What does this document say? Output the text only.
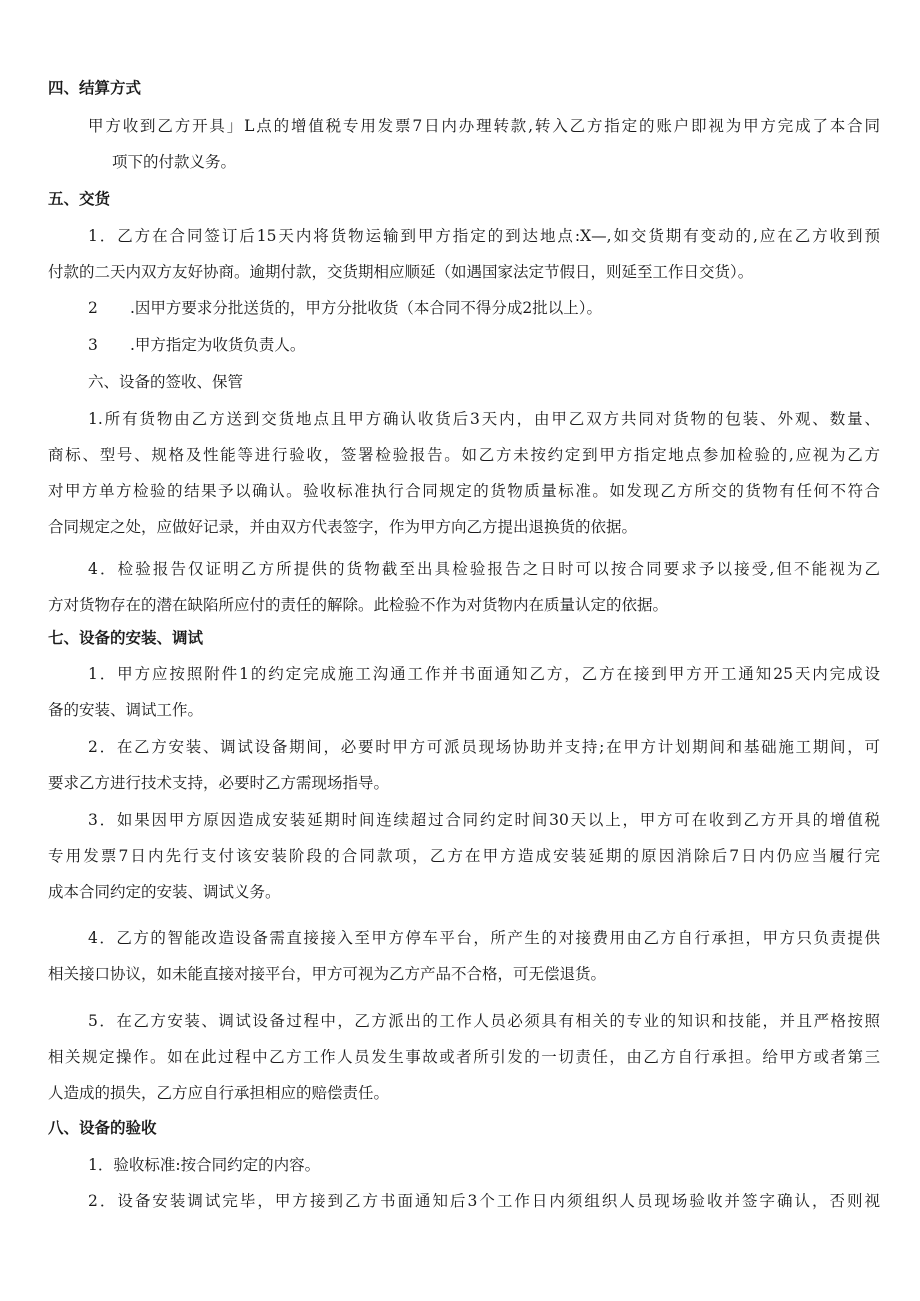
四、结算方式
甲方收到乙方开具」L点的增值税专用发票7日内办理转款,转入乙方指定的账户即视为甲方完成了本合同
项下的付款义务。
五、交货
1．乙方在合同签订后15天内将货物运输到甲方指定的到达地点:X—,如交货期有变动的,应在乙方收到预
付款的二天内双方友好协商。逾期付款，交货期相应顺延（如遇国家法定节假日，则延至工作日交货）。
2	.因甲方要求分批送货的，甲方分批收货（本合同不得分成2批以上）。
3	.甲方指定为收货负责人。
六、设备的签收、保管
1.所有货物由乙方送到交货地点且甲方确认收货后3天内，由甲乙双方共同对货物的包装、外观、数量、
商标、型号、规格及性能等进行验收，签署检验报告。如乙方未按约定到甲方指定地点参加检验的,应视为乙方
对甲方单方检验的结果予以确认。验收标准执行合同规定的货物质量标准。如发现乙方所交的货物有任何不符合
合同规定之处，应做好记录，并由双方代表签字，作为甲方向乙方提出退换货的依据。
4．检验报告仅证明乙方所提供的货物截至出具检验报告之日时可以按合同要求予以接受,但不能视为乙
方对货物存在的潜在缺陷所应付的责任的解除。此检验不作为对货物内在质量认定的依据。
七、设备的安装、调试
1．甲方应按照附件1的约定完成施工沟通工作并书面通知乙方，乙方在接到甲方开工通知25天内完成设
备的安装、调试工作。
2．在乙方安装、调试设备期间，必要时甲方可派员现场协助并支持;在甲方计划期间和基础施工期间，可
要求乙方进行技术支持，必要时乙方需现场指导。
3．如果因甲方原因造成安装延期时间连续超过合同约定时间30天以上，甲方可在收到乙方开具的增值税
专用发票7日内先行支付该安装阶段的合同款项，乙方在甲方造成安装延期的原因消除后7日内仍应当履行完
成本合同约定的安装、调试义务。
4．乙方的智能改造设备需直接接入至甲方停车平台，所产生的对接费用由乙方自行承担，甲方只负责提供
相关接口协议，如未能直接对接平台，甲方可视为乙方产品不合格，可无偿退货。
5．在乙方安装、调试设备过程中，乙方派出的工作人员必须具有相关的专业的知识和技能，并且严格按照
相关规定操作。如在此过程中乙方工作人员发生事故或者所引发的一切责任，由乙方自行承担。给甲方或者第三
人造成的损失，乙方应自行承担相应的赔偿责任。
八、设备的验收
1．验收标准:按合同约定的内容。
2．设备安装调试完毕，甲方接到乙方书面通知后3个工作日内须组织人员现场验收并签字确认，否则视
